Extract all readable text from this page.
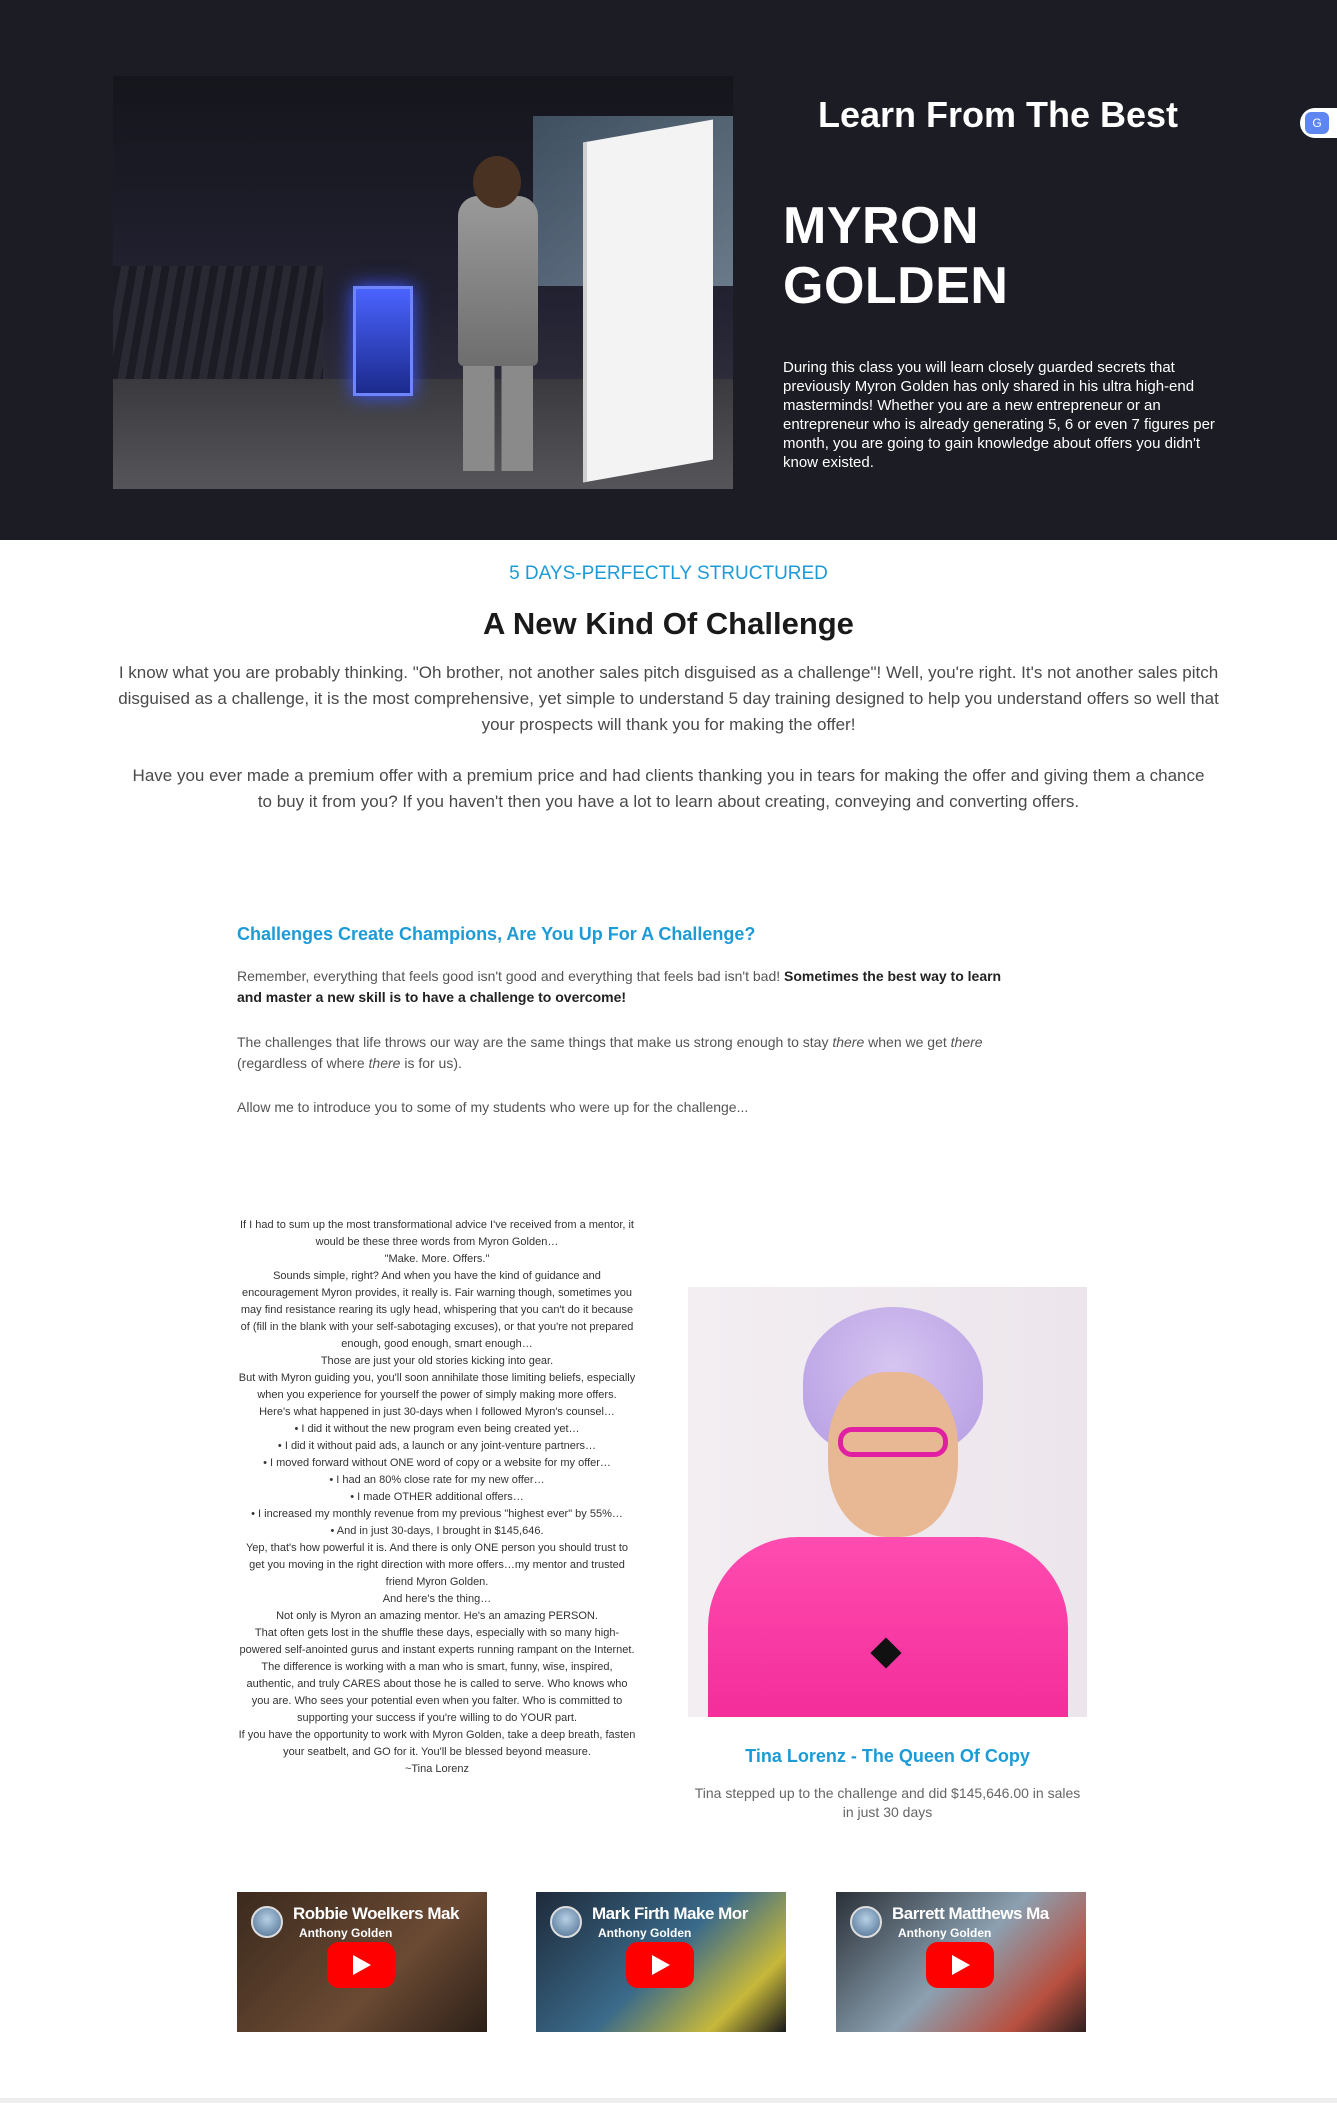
Learn From The Best
MYRON GOLDEN

During this class you will learn closely guarded secrets that previously Myron Golden has only shared in his ultra high-end masterminds! Whether you are a new entrepreneur or an entrepreneur who is already generating 5, 6 or even 7 figures per month, you are going to gain knowledge about offers you didn't know existed.

G
5 DAYS-PERFECTLY STRUCTURED
A New Kind Of Challenge

I know what you are probably thinking. "Oh brother, not another sales pitch disguised as a challenge"! Well, you're right. It's not another sales pitch disguised as a challenge, it is the most comprehensive, yet simple to understand 5 day training designed to help you understand offers so well that your prospects will thank you for making the offer!

Have you ever made a premium offer with a premium price and had clients thanking you in tears for making the offer and giving them a chance to buy it from you? If you haven't then you have a lot to learn about creating, conveying and converting offers.

Challenges Create Champions, Are You Up For A Challenge?

Remember, everything that feels good isn't good and everything that feels bad isn't bad! Sometimes the best way to learn and master a new skill is to have a challenge to overcome!

The challenges that life throws our way are the same things that make us strong enough to stay there when we get there (regardless of where there is for us).

Allow me to introduce you to some of my students who were up for the challenge...

If I had to sum up the most transformational advice I've received from a mentor, it would be these three words from Myron Golden…
"Make. More. Offers."
Sounds simple, right? And when you have the kind of guidance and encouragement Myron provides, it really is. Fair warning though, sometimes you may find resistance rearing its ugly head, whispering that you can't do it because of (fill in the blank with your self-sabotaging excuses), or that you're not prepared enough, good enough, smart enough…
Those are just your old stories kicking into gear.
But with Myron guiding you, you'll soon annihilate those limiting beliefs, especially when you experience for yourself the power of simply making more offers.
Here's what happened in just 30-days when I followed Myron's counsel…
• I did it without the new program even being created yet…
• I did it without paid ads, a launch or any joint-venture partners…
• I moved forward without ONE word of copy or a website for my offer…
• I had an 80% close rate for my new offer…
• I made OTHER additional offers…
• I increased my monthly revenue from my previous "highest ever" by 55%…
• And in just 30-days, I brought in $145,646.
Yep, that's how powerful it is. And there is only ONE person you should trust to get you moving in the right direction with more offers…my mentor and trusted friend Myron Golden.
And here's the thing…
Not only is Myron an amazing mentor. He's an amazing PERSON.
That often gets lost in the shuffle these days, especially with so many high-powered self-anointed gurus and instant experts running rampant on the Internet.
The difference is working with a man who is smart, funny, wise, inspired, authentic, and truly CARES about those he is called to serve. Who knows who you are. Who sees your potential even when you falter. Who is committed to supporting your success if you're willing to do YOUR part.
If you have the opportunity to work with Myron Golden, take a deep breath, fasten your seatbelt, and GO for it. You'll be blessed beyond measure.
~Tina Lorenz
Tina Lorenz - The Queen Of Copy

Tina stepped up to the challenge and did $145,646.00 in sales in just 30 days

Robbie Woelkers Mak
Anthony Golden
Mark Firth Make Mor
Anthony Golden
Barrett Matthews Ma
Anthony Golden
